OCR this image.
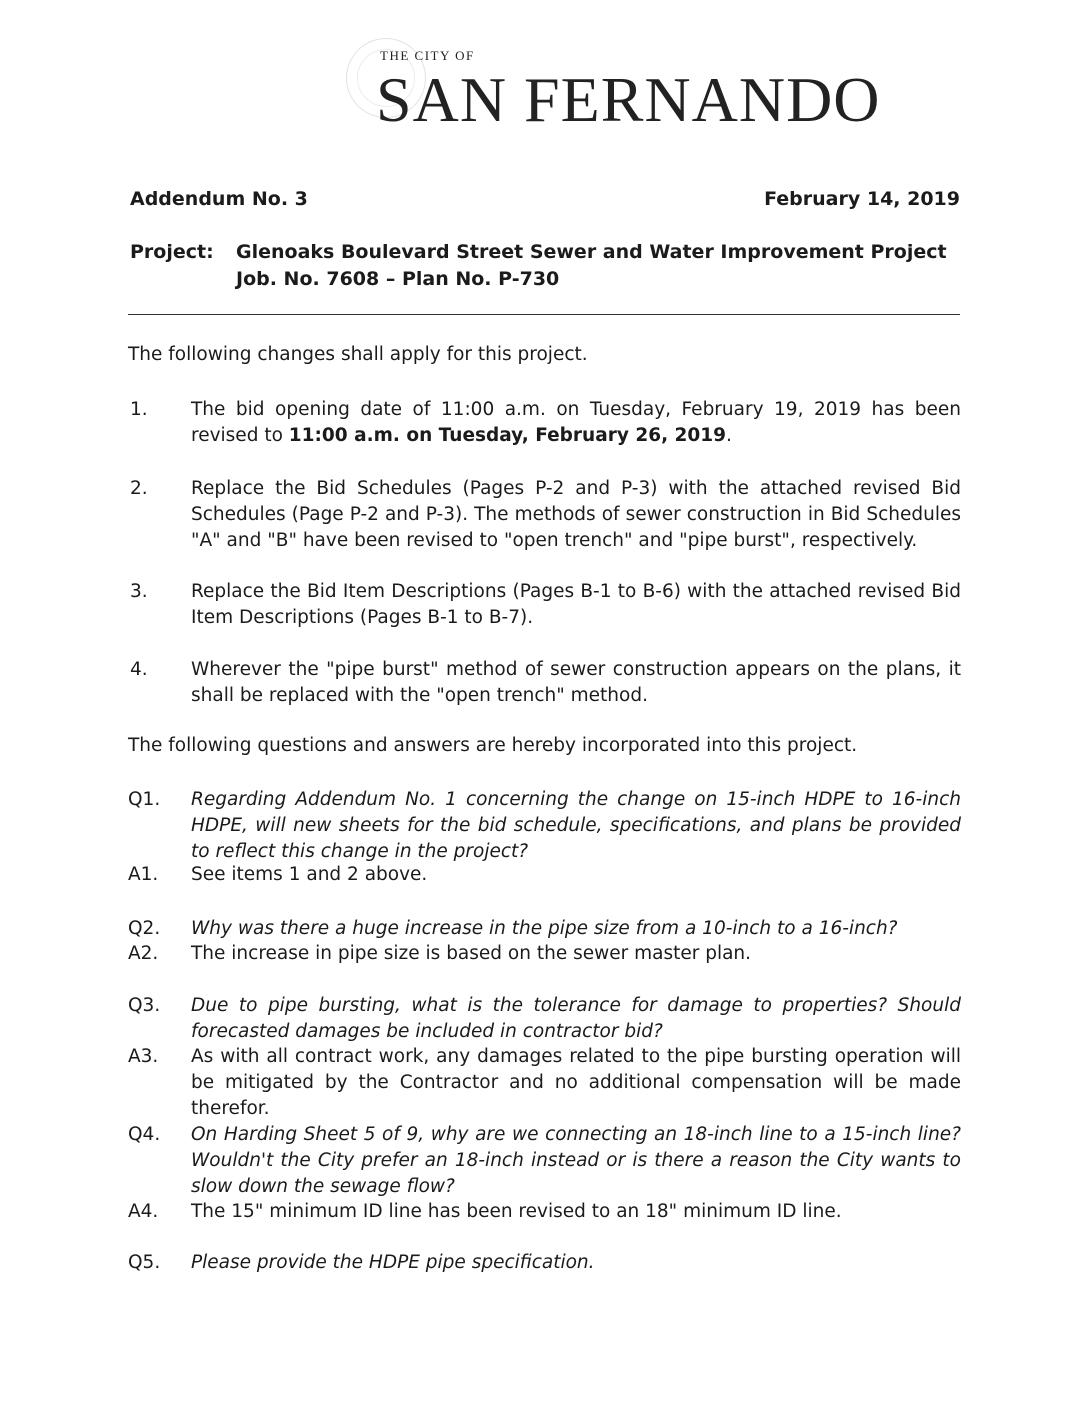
THE CITY OF
SAN FERNANDO
Addendum No. 3	February 14, 2019
Project: Glenoaks Boulevard Street Sewer and Water Improvement Project
Job. No. 7608 – Plan No. P-730
The following changes shall apply for this project.
1. The bid opening date of 11:00 a.m. on Tuesday, February 19, 2019 has been revised to 11:00 a.m. on Tuesday, February 26, 2019.
2. Replace the Bid Schedules (Pages P-2 and P-3) with the attached revised Bid Schedules (Page P-2 and P-3). The methods of sewer construction in Bid Schedules "A" and "B" have been revised to "open trench" and "pipe burst", respectively.
3. Replace the Bid Item Descriptions (Pages B-1 to B-6) with the attached revised Bid Item Descriptions (Pages B-1 to B-7).
4. Wherever the "pipe burst" method of sewer construction appears on the plans, it shall be replaced with the "open trench" method.
The following questions and answers are hereby incorporated into this project.
Q1. Regarding Addendum No. 1 concerning the change on 15-inch HDPE to 16-inch HDPE, will new sheets for the bid schedule, specifications, and plans be provided to reflect this change in the project?
A1. See items 1 and 2 above.
Q2. Why was there a huge increase in the pipe size from a 10-inch to a 16-inch?
A2. The increase in pipe size is based on the sewer master plan.
Q3. Due to pipe bursting, what is the tolerance for damage to properties? Should forecasted damages be included in contractor bid?
A3. As with all contract work, any damages related to the pipe bursting operation will be mitigated by the Contractor and no additional compensation will be made therefor.
Q4. On Harding Sheet 5 of 9, why are we connecting an 18-inch line to a 15-inch line? Wouldn't the City prefer an 18-inch instead or is there a reason the City wants to slow down the sewage flow?
A4. The 15" minimum ID line has been revised to an 18" minimum ID line.
Q5. Please provide the HDPE pipe specification.
